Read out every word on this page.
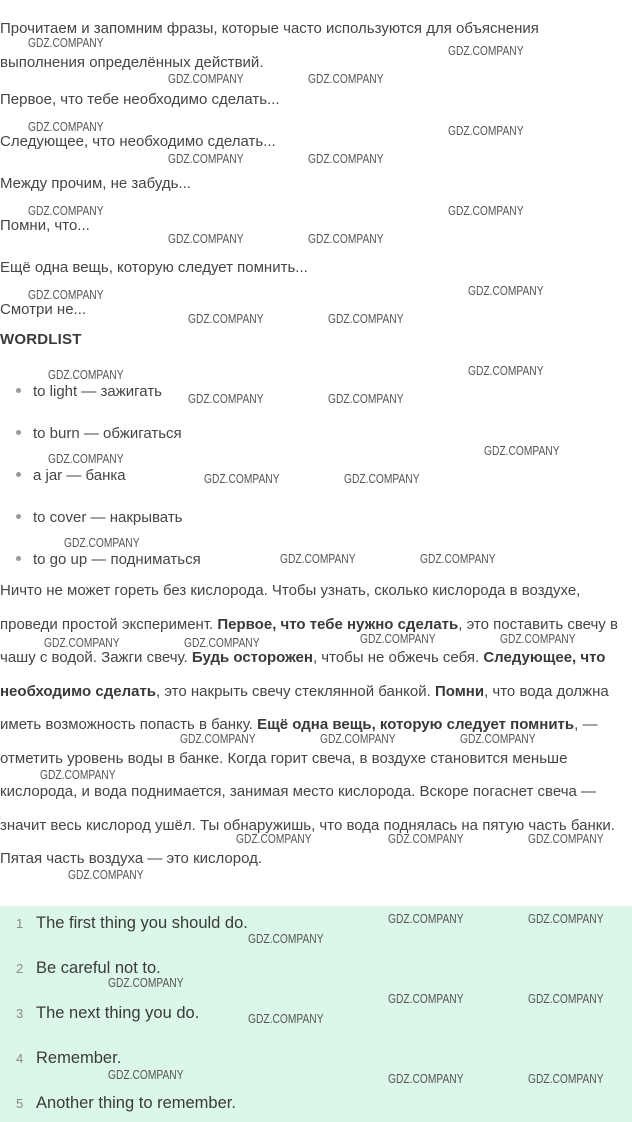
Прочитаем и запомним фразы, которые часто используются для объяснения выполнения определённых действий.

Первое, что тебе необходимо сделать...

Следующее, что необходимо сделать...

Между прочим, не забудь...

Помни, что...

Ещё одна вещь, которую следует помнить...

Смотри не...

WORDLIST
to light — зажигать
to burn — обжигаться
a jar — банка
to cover — накрывать
to go up — подниматься

Ничто не может гореть без кислорода. Чтобы узнать, сколько кислорода в воздухе, проведи простой эксперимент. Первое, что тебе нужно сделать, это поставить свечу в чашу с водой. Зажги свечу. Будь осторожен, чтобы не обжечь себя. Следующее, что необходимо сделать, это накрыть свечу стеклянной банкой. Помни, что вода должна иметь возможность попасть в банку. Ещё одна вещь, которую следует помнить, — отметить уровень воды в банке. Когда горит свеча, в воздухе становится меньше кислорода, и вода поднимается, занимая место кислорода. Вскоре погаснет свеча — значит весь кислород ушёл. Ты обнаружишь, что вода поднялась на пятую часть банки. Пятая часть воздуха — это кислород.

1 The first thing you should do.
2 Be careful not to.
3 The next thing you do.
4 Remember.
5 Another thing to remember.
GDZ.COMPANY
GDZ.COMPANY
GDZ.COMPANY	GDZ.COMPANY
GDZ.COMPANY	GDZ.COMPANY
GDZ.COMPANY	GDZ.COMPANY
GDZ.COMPANY	GDZ.COMPANY
GDZ.COMPANY	GDZ.COMPANY
GDZ.COMPANY	GDZ.COMPANY
GDZ.COMPANY	GDZ.COMPANY
GDZ.COMPANY	GDZ.COMPANY
GDZ.COMPANY	GDZ.COMPANY
GDZ.COMPANY
GDZ.COMPANY
GDZ.COMPANY	GDZ.COMPANY
GDZ.COMPANY
GDZ.COMPANY	GDZ.COMPANY
GDZ.COMPANY	GDZ.COMPANY	GDZ.COMPANY	GDZ.COMPANY
GDZ.COMPANY	GDZ.COMPANY	GDZ.COMPANY
GDZ.COMPANY
GDZ.COMPANY	GDZ.COMPANY	GDZ.COMPANY
GDZ.COMPANY
GDZ.COMPANY	GDZ.COMPANY
GDZ.COMPANY
GDZ.COMPANY
GDZ.COMPANY	GDZ.COMPANY
GDZ.COMPANY
GDZ.COMPANY	GDZ.COMPANY	GDZ.COMPANY
